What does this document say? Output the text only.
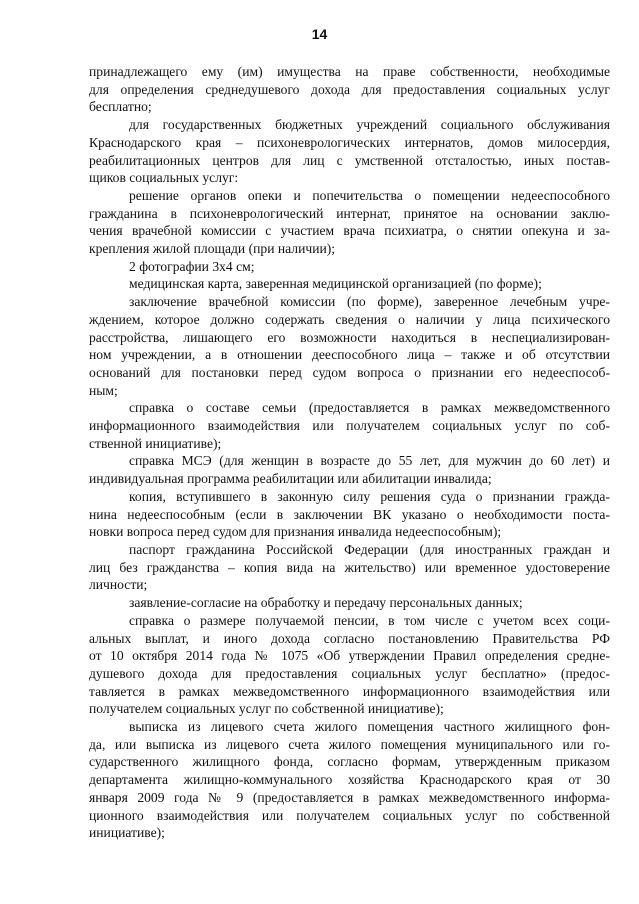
14
принадлежащего ему (им) имущества на праве собственности, необходимые
для определения среднедушевого дохода для предоставления социальных услуг
бесплатно;
для государственных бюджетных учреждений социального обслуживания
Краснодарского края – психоневрологических интернатов, домов милосердия,
реабилитационных центров для лиц с умственной отсталостью, иных постав-
щиков социальных услуг:
решение органов опеки и попечительства о помещении недееспособного
гражданина в психоневрологический интернат, принятое на основании заклю-
чения врачебной комиссии с участием врача психиатра, о снятии опекуна и за-
крепления жилой площади (при наличии);
2 фотографии 3х4 см;
медицинская карта, заверенная медицинской организацией (по форме);
заключение врачебной комиссии (по форме), заверенное лечебным учре-
ждением, которое должно содержать сведения о наличии у лица психического
расстройства, лишающего его возможности находиться в неспециализирован-
ном учреждении, а в отношении дееспособного лица – также и об отсутствии
оснований для постановки перед судом вопроса о признании его недееспособ-
ным;
справка о составе семьи (предоставляется в рамках межведомственного
информационного взаимодействия или получателем социальных услуг по соб-
ственной инициативе);
справка МСЭ (для женщин в возрасте до 55 лет, для мужчин до 60 лет) и
индивидуальная программа реабилитации или абилитации инвалида;
копия, вступившего в законную силу решения суда о признании гражда-
нина недееспособным (если в заключении ВК указано о необходимости поста-
новки вопроса перед судом для признания инвалида недееспособным);
паспорт гражданина Российской Федерации (для иностранных граждан и
лиц без гражданства – копия вида на жительство) или временное удостоверение
личности;
заявление-согласие на обработку и передачу персональных данных;
справка о размере получаемой пенсии, в том числе с учетом всех соци-
альных выплат, и иного дохода согласно постановлению Правительства РФ
от 10 октября 2014 года № 1075 «Об утверждении Правил определения средне-
душевого дохода для предоставления социальных услуг бесплатно» (предос-
тавляется в рамках межведомственного информационного взаимодействия или
получателем социальных услуг по собственной инициативе);
выписка из лицевого счета жилого помещения частного жилищного фон-
да, или выписка из лицевого счета жилого помещения муниципального или го-
сударственного жилищного фонда, согласно формам, утвержденным приказом
департамента жилищно-коммунального хозяйства Краснодарского края от 30
января 2009 года № 9 (предоставляется в рамках межведомственного информа-
ционного взаимодействия или получателем социальных услуг по собственной
инициативе);
